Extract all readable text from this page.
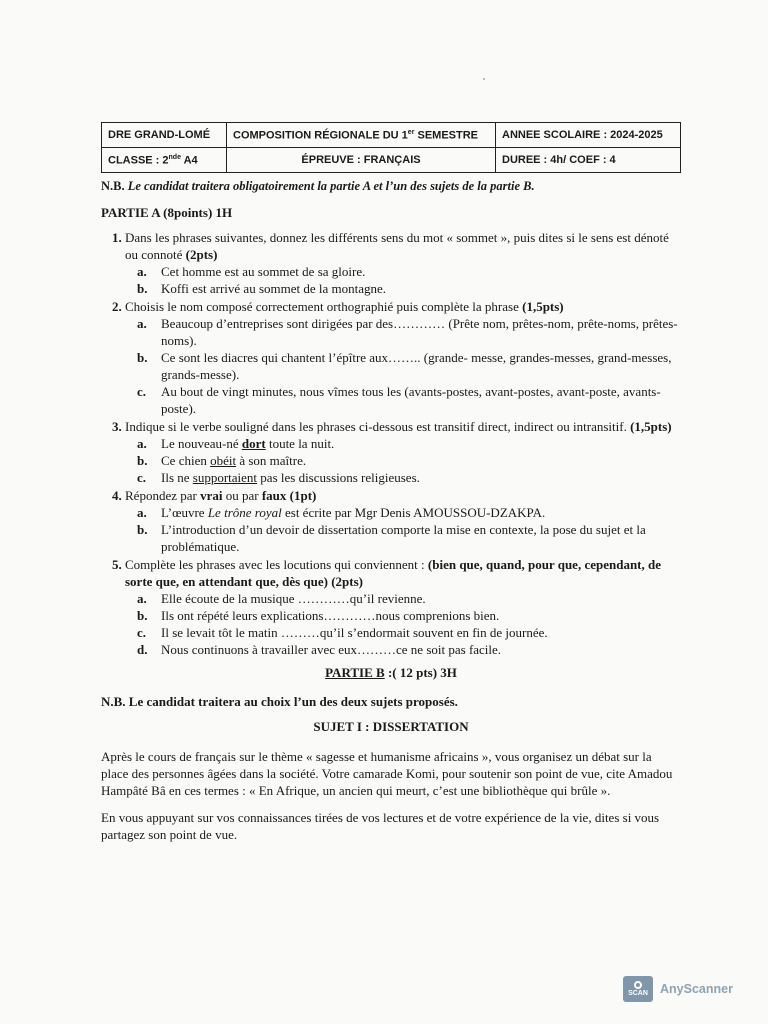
DRE GRAND-LOMÉ	COMPOSITION RÉGIONALE DU 1er SEMESTRE	ANNEE SCOLAIRE : 2024-2025
CLASSE : 2nde A4	ÉPREUVE : FRANÇAIS	DUREE : 4h/ COEF : 4
N.B. Le candidat traitera obligatoirement la partie A et l’un des sujets de la partie B.
PARTIE A (8points) 1H
1. Dans les phrases suivantes, donnez les différents sens du mot « sommet », puis dites si le sens est dénoté ou connoté (2pts)
a. Cet homme est au sommet de sa gloire.
b. Koffi est arrivé au sommet de la montagne.
2. Choisis le nom composé correctement orthographié puis complète la phrase (1,5pts)
a. Beaucoup d’entreprises sont dirigées par des………… (Prête nom, prêtes-nom, prête-noms, prêtes-noms).
b. Ce sont les diacres qui chantent l’épître aux…….. (grande- messe, grandes-messes, grand-messes, grands-messe).
c. Au bout de vingt minutes, nous vîmes tous les (avants-postes, avant-postes, avant-poste, avants-poste).
3. Indique si le verbe souligné dans les phrases ci-dessous est transitif direct, indirect ou intransitif. (1,5pts)
a. Le nouveau-né dort toute la nuit.
b. Ce chien obéit à son maître.
c. Ils ne supportaient pas les discussions religieuses.
4. Répondez par vrai ou par faux (1pt)
a. L’œuvre Le trône royal est écrite par Mgr Denis AMOUSSOU-DZAKPA.
b. L’introduction d’un devoir de dissertation comporte la mise en contexte, la pose du sujet et la problématique.
5. Complète les phrases avec les locutions qui conviennent : (bien que, quand, pour que, cependant, de sorte que, en attendant que, dès que) (2pts)
a. Elle écoute de la musique …………qu’il revienne.
b. Ils ont répété leurs explications…………nous comprenions bien.
c. Il se levait tôt le matin ………qu’il s’endormait souvent en fin de journée.
d. Nous continuons à travailler avec eux………ce ne soit pas facile.
PARTIE B :( 12 pts) 3H
N.B. Le candidat traitera au choix l’un des deux sujets proposés.
SUJET I : DISSERTATION
Après le cours de français sur le thème « sagesse et humanisme africains », vous organisez un débat sur la place des personnes âgées dans la société. Votre camarade Komi, pour soutenir son point de vue, cite Amadou Hampâté Bâ en ces termes : « En Afrique, un ancien qui meurt, c’est une bibliothèque qui brûle ».
En vous appuyant sur vos connaissances tirées de vos lectures et de votre expérience de la vie, dites si vous partagez son point de vue.
SCAN AnyScanner
